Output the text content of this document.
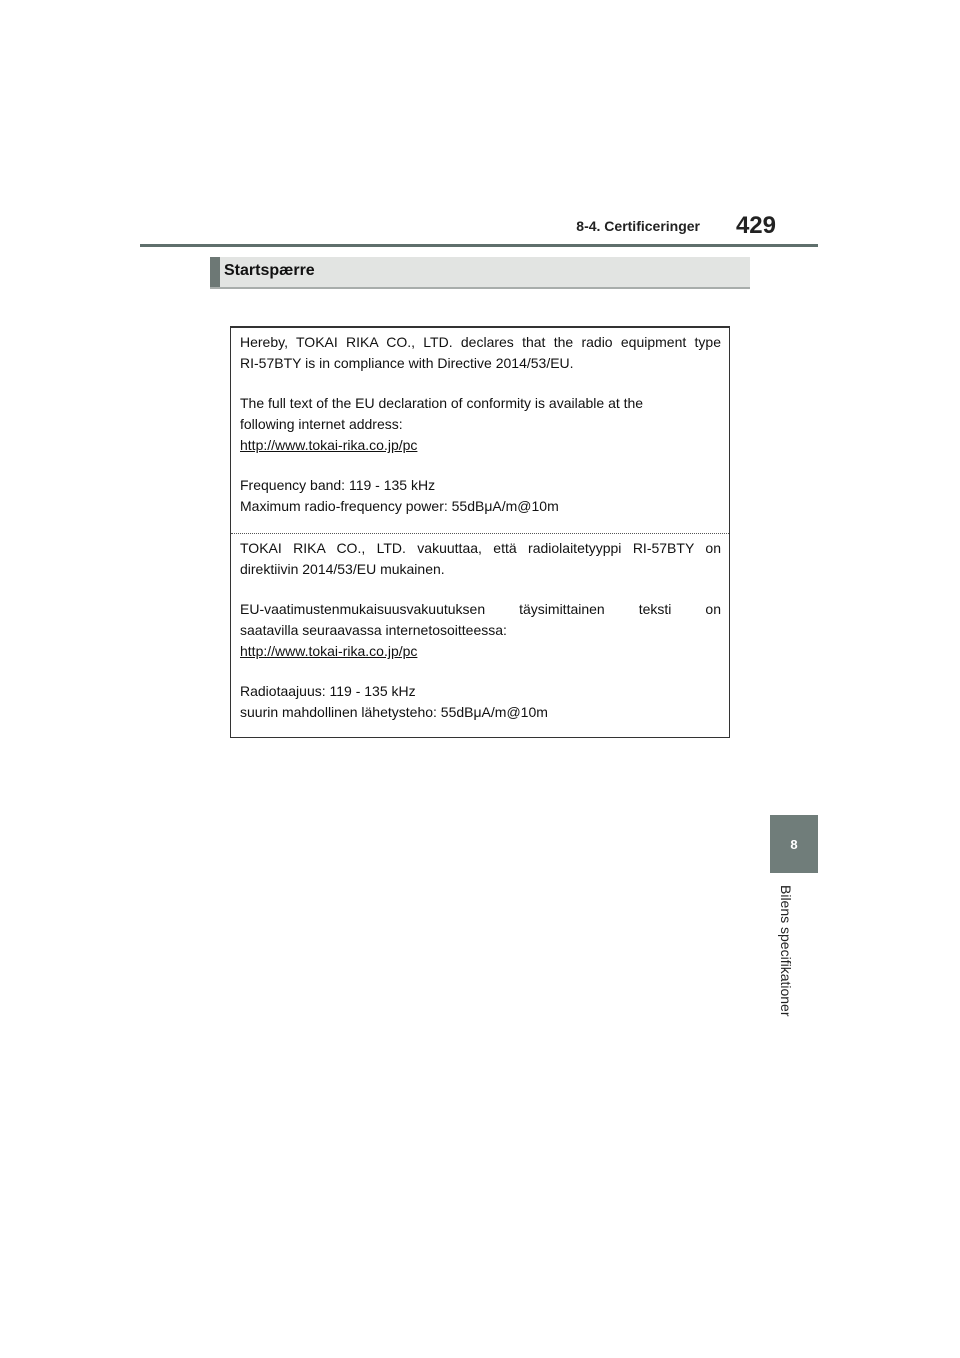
8-4. Certificeringer	429
Startspærre

Hereby, TOKAI RIKA CO., LTD. declares that the radio equipment type
RI-57BTY is in compliance with Directive 2014/53/EU.

The full text of the EU declaration of conformity is available at the
following internet address:
http://www.tokai-rika.co.jp/pc

Frequency band: 119 - 135 kHz
Maximum radio-frequency power: 55dBμA/m@10m

TOKAI RIKA CO., LTD. vakuuttaa, että radiolaitetyyppi RI-57BTY on
direktiivin 2014/53/EU mukainen.

EU-vaatimustenmukaisuusvakuutuksen täysimittainen teksti on
saatavilla seuraavassa internetosoitteessa:
http://www.tokai-rika.co.jp/pc

Radiotaajuus: 119 - 135 kHz
suurin mahdollinen lähetysteho: 55dBμA/m@10m

8
Bilens specifikationer
